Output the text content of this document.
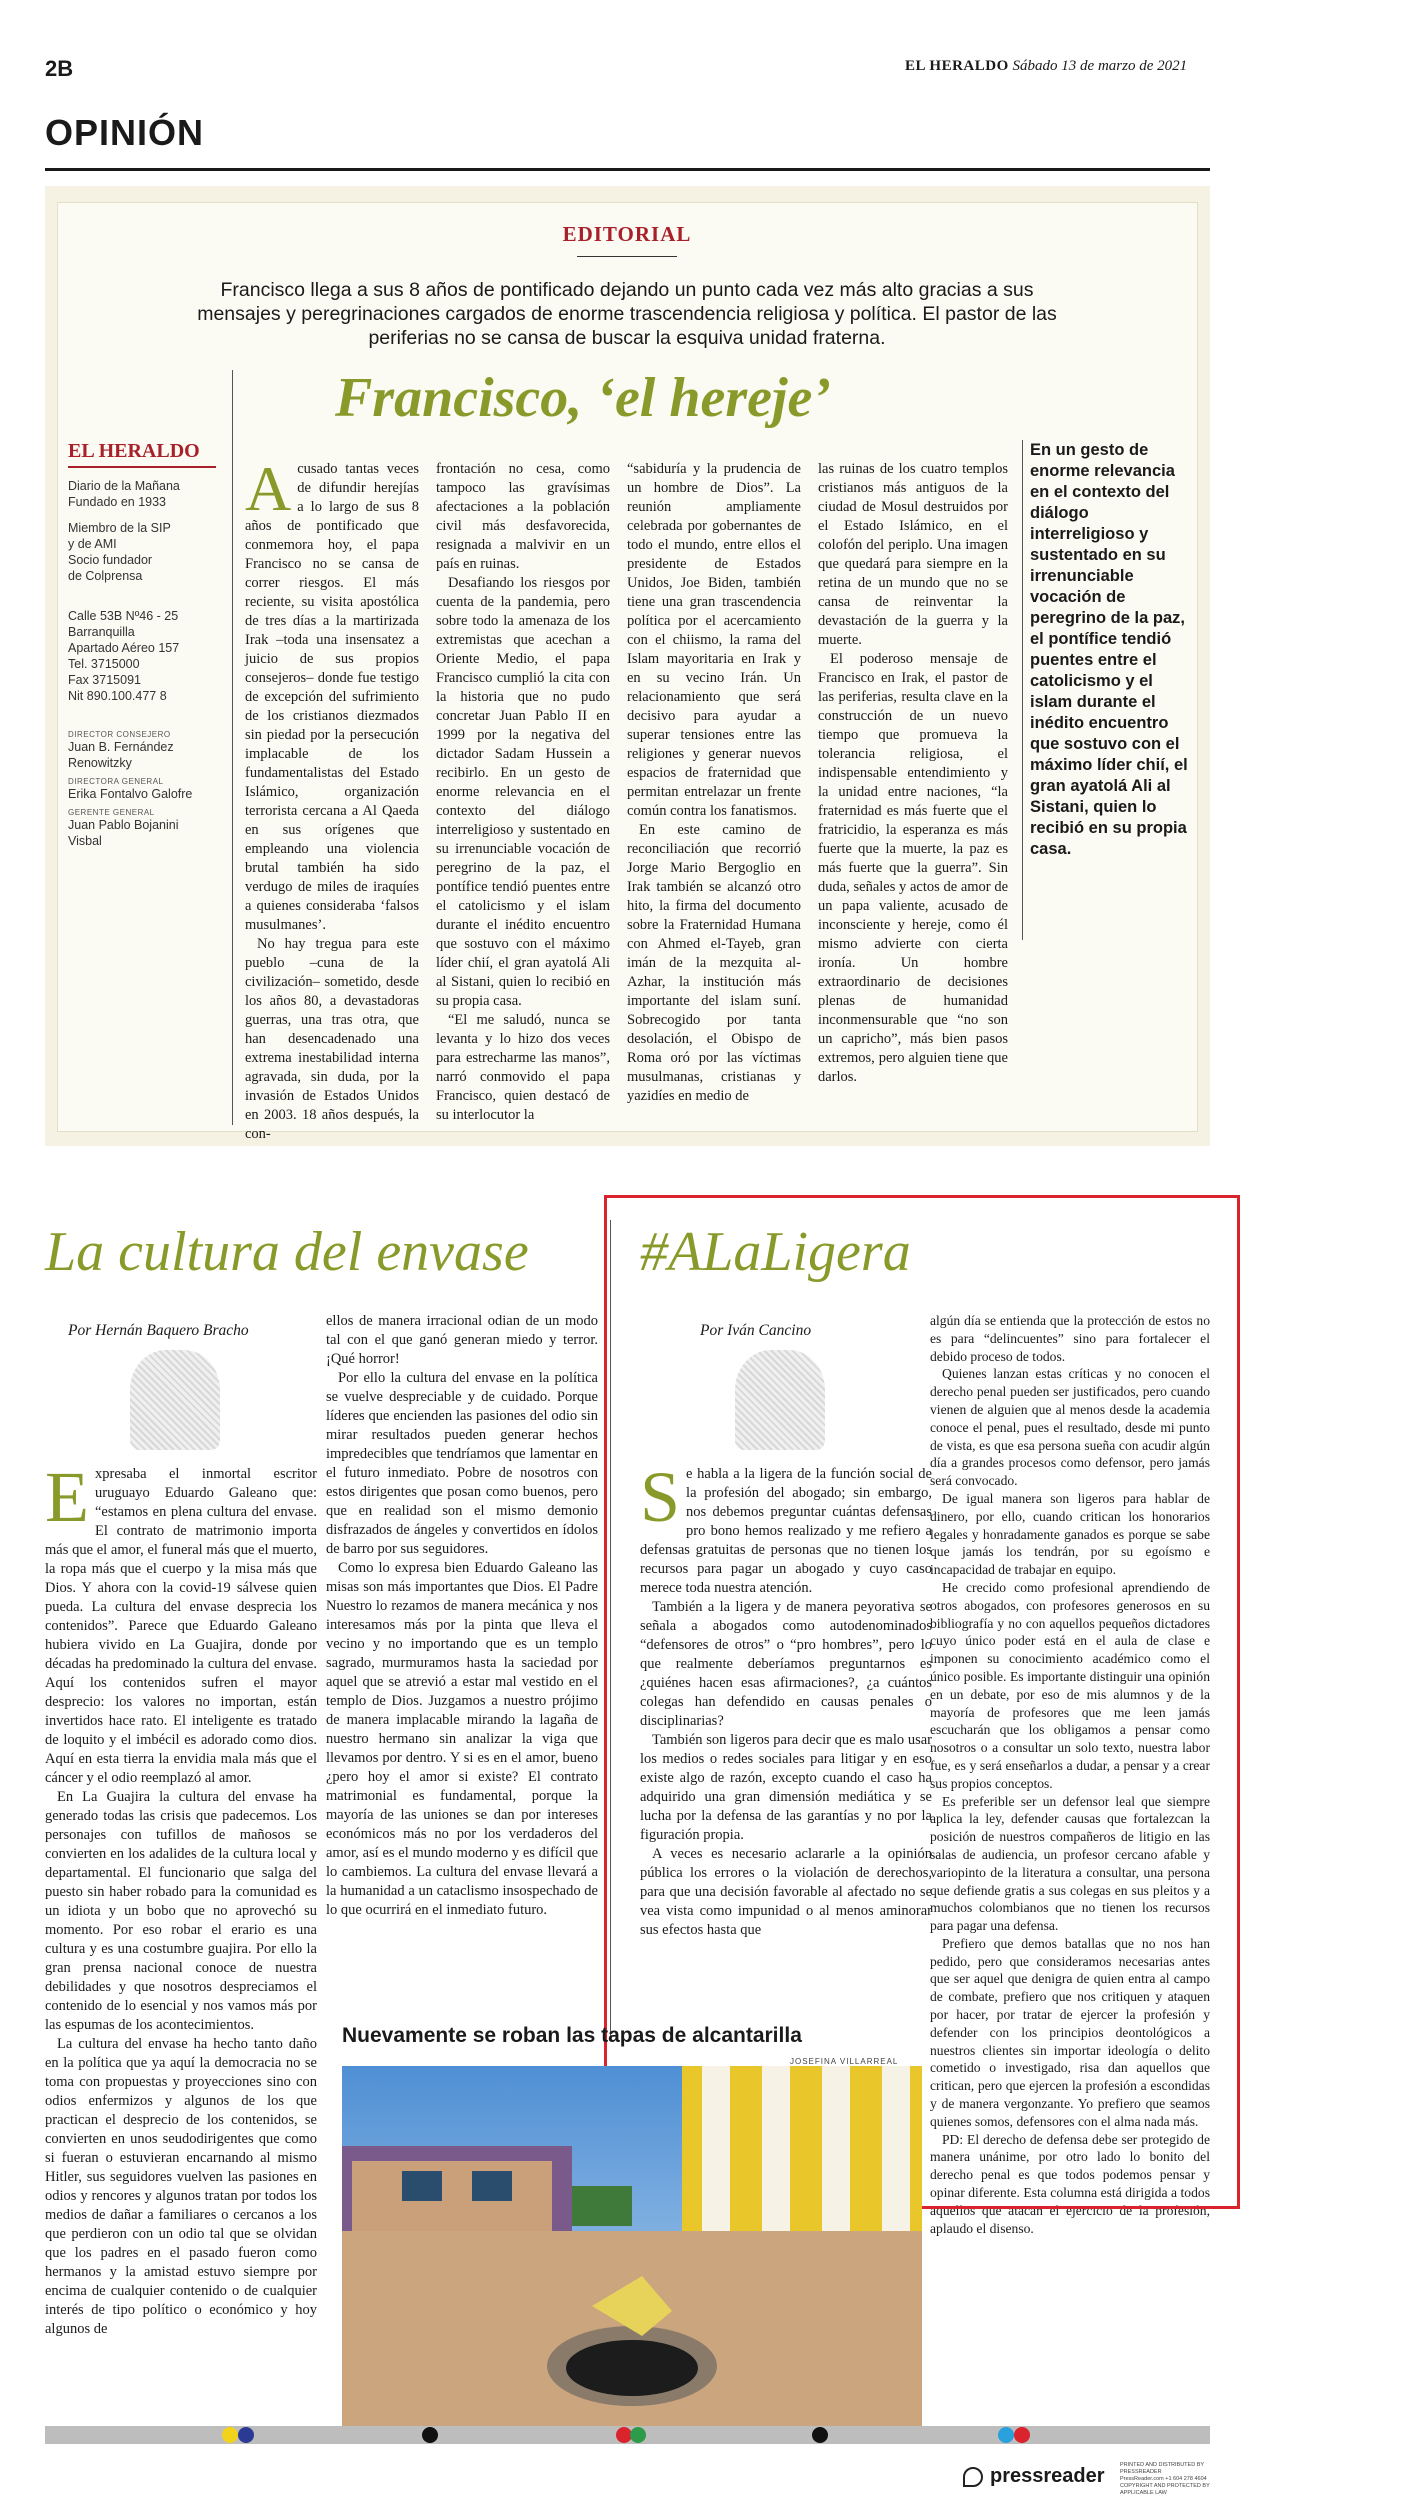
2B	EL HERALDO Sábado 13 de marzo de 2021
OPINIÓN
EDITORIAL
Francisco llega a sus 8 años de pontificado dejando un punto cada vez más alto gracias a sus mensajes y peregrinaciones cargados de enorme trascendencia religiosa y política. El pastor de las periferias no se cansa de buscar la esquiva unidad fraterna.
Francisco, ‘el hereje’
EL HERALDO
Diario de la Mañana
Fundado en 1933
Miembro de la SIP
y de AMI
Socio fundador
de Colprensa
Calle 53B Nº46 - 25
Barranquilla
Apartado Aéreo 157
Tel. 3715000
Fax 3715091
Nit 890.100.477 8
DIRECTOR CONSEJERO
Juan B. Fernández
Renowitzky
DIRECTORA GENERAL
Erika Fontalvo Galofre
GERENTE GENERAL
Juan Pablo Bojanini
Visbal

Acusado tantas veces de difundir herejías a lo largo de sus 8 años de pontificado que conmemora hoy, el papa Francisco no se cansa de correr riesgos. El más reciente, su visita apostólica de tres días a la martirizada Irak –toda una insensatez a juicio de sus propios consejeros– donde fue testigo de excepción del sufrimiento de los cristianos diezmados sin piedad por la persecución implacable de los fundamentalistas del Estado Islámico, organización terrorista cercana a Al Qaeda en sus orígenes que empleando una violencia brutal también ha sido verdugo de miles de iraquíes a quienes consideraba ‘falsos musulmanes’.

No hay tregua para este pueblo –cuna de la civilización– sometido, desde los años 80, a devastadoras guerras, una tras otra, que han desencadenado una extrema inestabilidad interna agravada, sin duda, por la invasión de Estados Unidos en 2003. 18 años después, la con-

frontación no cesa, como tampoco las gravísimas afectaciones a la población civil más desfavorecida, resignada a malvivir en un país en ruinas.

Desafiando los riesgos por cuenta de la pandemia, pero sobre todo la amenaza de los extremistas que acechan a Oriente Medio, el papa Francisco cumplió la cita con la historia que no pudo concretar Juan Pablo II en 1999 por la negativa del dictador Sadam Hussein a recibirlo. En un gesto de enorme relevancia en el contexto del diálogo interreligioso y sustentado en su irrenunciable vocación de peregrino de la paz, el pontífice tendió puentes entre el catolicismo y el islam durante el inédito encuentro que sostuvo con el máximo líder chií, el gran ayatolá Ali al Sistani, quien lo recibió en su propia casa.

“El me saludó, nunca se levanta y lo hizo dos veces para estrecharme las manos”, narró conmovido el papa Francisco, quien destacó de su interlocutor la

“sabiduría y la prudencia de un hombre de Dios”. La reunión ampliamente celebrada por gobernantes de todo el mundo, entre ellos el presidente de Estados Unidos, Joe Biden, también tiene una gran trascendencia política por el acercamiento con el chiismo, la rama del Islam mayoritaria en Irak y en su vecino Irán. Un relacionamiento que será decisivo para ayudar a superar tensiones entre las religiones y generar nuevos espacios de fraternidad que permitan entrelazar un frente común contra los fanatismos.

En este camino de reconciliación que recorrió Jorge Mario Bergoglio en Irak también se alcanzó otro hito, la firma del documento sobre la Fraternidad Humana con Ahmed el-Tayeb, gran imán de la mezquita al-Azhar, la institución más importante del islam suní. Sobrecogido por tanta desolación, el Obispo de Roma oró por las víctimas musulmanas, cristianas y yazidíes en medio de

las ruinas de los cuatro templos cristianos más antiguos de la ciudad de Mosul destruidos por el Estado Islámico, en el colofón del periplo. Una imagen que quedará para siempre en la retina de un mundo que no se cansa de reinventar la devastación de la guerra y la muerte.

El poderoso mensaje de Francisco en Irak, el pastor de las periferias, resulta clave en la construcción de un nuevo tiempo que promueva la tolerancia religiosa, el indispensable entendimiento y la unidad entre naciones, “la fraternidad es más fuerte que el fratricidio, la esperanza es más fuerte que la muerte, la paz es más fuerte que la guerra”. Sin duda, señales y actos de amor de un papa valiente, acusado de inconsciente y hereje, como él mismo advierte con cierta ironía. Un hombre extraordinario de decisiones plenas de humanidad inconmensurable que “no son un capricho”, más bien pasos extremos, pero alguien tiene que darlos.

En un gesto de enorme relevancia en el contexto del diálogo interreligioso y sustentado en su irrenunciable vocación de peregrino de la paz, el pontífice tendió puentes entre el catolicismo y el islam durante el inédito encuentro que sostuvo con el máximo líder chií, el gran ayatolá Ali al Sistani, quien lo recibió en su propia casa.
La cultura del envase
Por Hernán Baquero Bracho

Expresaba el inmortal escritor uruguayo Eduardo Galeano que: “estamos en plena cultura del envase. El contrato de matrimonio importa más que el amor, el funeral más que el muerto, la ropa más que el cuerpo y la misa más que Dios. Y ahora con la covid-19 sálvese quien pueda. La cultura del envase desprecia los contenidos”. Parece que Eduardo Galeano hubiera vivido en La Guajira, donde por décadas ha predominado la cultura del envase. Aquí los contenidos sufren el mayor desprecio: los valores no importan, están invertidos hace rato. El inteligente es tratado de loquito y el imbécil es adorado como dios. Aquí en esta tierra la envidia mala más que el cáncer y el odio reemplazó al amor.

En La Guajira la cultura del envase ha generado todas las crisis que padecemos. Los personajes con tufillos de mañosos se convierten en los adalides de la cultura local y departamental. El funcionario que salga del puesto sin haber robado para la comunidad es un idiota y un bobo que no aprovechó su momento. Por eso robar el erario es una cultura y es una costumbre guajira. Por ello la gran prensa nacional conoce de nuestra debilidades y que nosotros despreciamos el contenido de lo esencial y nos vamos más por las espumas de los acontecimientos.

La cultura del envase ha hecho tanto daño en la política que ya aquí la democracia no se toma con propuestas y proyecciones sino con odios enfermizos y algunos de los que practican el desprecio de los contenidos, se convierten en unos seudodirigentes que como si fueran o estuvieran encarnando al mismo Hitler, sus seguidores vuelven las pasiones en odios y rencores y algunos tratan por todos los medios de dañar a familiares o cercanos a los que perdieron con un odio tal que se olvidan que los padres en el pasado fueron como hermanos y la amistad estuvo siempre por encima de cualquier contenido o de cualquier interés de tipo político o económico y hoy algunos de

ellos de manera irracional odian de un modo tal con el que ganó generan miedo y terror. ¡Qué horror!

Por ello la cultura del envase en la política se vuelve despreciable y de cuidado. Porque líderes que encienden las pasiones del odio sin mirar resultados pueden generar hechos impredecibles que tendríamos que lamentar en el futuro inmediato. Pobre de nosotros con estos dirigentes que posan como buenos, pero que en realidad son el mismo demonio disfrazados de ángeles y convertidos en ídolos de barro por sus seguidores.

Como lo expresa bien Eduardo Galeano las misas son más importantes que Dios. El Padre Nuestro lo rezamos de manera mecánica y nos interesamos más por la pinta que lleva el vecino y no importando que es un templo sagrado, murmuramos hasta la saciedad por aquel que se atrevió a estar mal vestido en el templo de Dios. Juzgamos a nuestro prójimo de manera implacable mirando la lagaña de nuestro hermano sin analizar la viga que llevamos por dentro. Y si es en el amor, bueno ¿pero hoy el amor si existe? El contrato matrimonial es fundamental, porque la mayoría de las uniones se dan por intereses económicos más no por los verdaderos del amor, así es el mundo moderno y es difícil que lo cambiemos. La cultura del envase llevará a la humanidad a un cataclismo insospechado de lo que ocurrirá en el inmediato futuro.

#ALaLigera
Por Iván Cancino

Se habla a la ligera de la función social de la profesión del abogado; sin embargo, nos debemos preguntar cuántas defensas pro bono hemos realizado y me refiero a defensas gratuitas de personas que no tienen los recursos para pagar un abogado y cuyo caso merece toda nuestra atención.

También a la ligera y de manera peyorativa se señala a abogados como autodenominados “defensores de otros” o “pro hombres”, pero lo que realmente deberíamos preguntarnos es ¿quiénes hacen esas afirmaciones?, ¿a cuántos colegas han defendido en causas penales o disciplinarias?

También son ligeros para decir que es malo usar los medios o redes sociales para litigar y en eso existe algo de razón, excepto cuando el caso ha adquirido una gran dimensión mediática y se lucha por la defensa de las garantías y no por la figuración propia.

A veces es necesario aclararle a la opinión pública los errores o la violación de derechos, para que una decisión favorable al afectado no se vea vista como impunidad o al menos aminorar sus efectos hasta que

algún día se entienda que la protección de estos no es para “delincuentes” sino para fortalecer el debido proceso de todos.

Quienes lanzan estas críticas y no conocen el derecho penal pueden ser justificados, pero cuando vienen de alguien que al menos desde la academia conoce el penal, pues el resultado, desde mi punto de vista, es que esa persona sueña con acudir algún día a grandes procesos como defensor, pero jamás será convocado.

De igual manera son ligeros para hablar de dinero, por ello, cuando critican los honorarios legales y honradamente ganados es porque se sabe que jamás los tendrán, por su egoísmo e incapacidad de trabajar en equipo.

He crecido como profesional aprendiendo de otros abogados, con profesores generosos en su bibliografía y no con aquellos pequeños dictadores cuyo único poder está en el aula de clase e imponen su conocimiento académico como el único posible. Es importante distinguir una opinión en un debate, por eso de mis alumnos y de la mayoría de profesores que me leen jamás escucharán que los obligamos a pensar como nosotros o a consultar un solo texto, nuestra labor fue, es y será enseñarlos a dudar, a pensar y a crear sus propios conceptos.

Es preferible ser un defensor leal que siempre aplica la ley, defender causas que fortalezcan la posición de nuestros compañeros de litigio en las salas de audiencia, un profesor cercano afable y variopinto de la literatura a consultar, una persona que defiende gratis a sus colegas en sus pleitos y a muchos colombianos que no tienen los recursos para pagar una defensa.

Prefiero que demos batallas que no nos han pedido, pero que consideramos necesarias antes que ser aquel que denigra de quien entra al campo de combate, prefiero que nos critiquen y ataquen por hacer, por tratar de ejercer la profesión y defender con los principios deontológicos a nuestros clientes sin importar ideología o delito cometido o investigado, risa dan aquellos que critican, pero que ejercen la profesión a escondidas y de manera vergonzante. Yo prefiero que seamos quienes somos, defensores con el alma nada más.

PD: El derecho de defensa debe ser protegido de manera unánime, por otro lado lo bonito del derecho penal es que todos podemos pensar y opinar diferente. Esta columna está dirigida a todos aquellos que atacan el ejercicio de la profesión, aplaudo el disenso.

Nuevamente se roban las tapas de alcantarilla
JOSEFINA VILLARREAL
pressreader	PRINTED AND DISTRIBUTED BY PRESSREADER
PressReader.com +1 604 278 4604
COPYRIGHT AND PROTECTED BY APPLICABLE LAW
